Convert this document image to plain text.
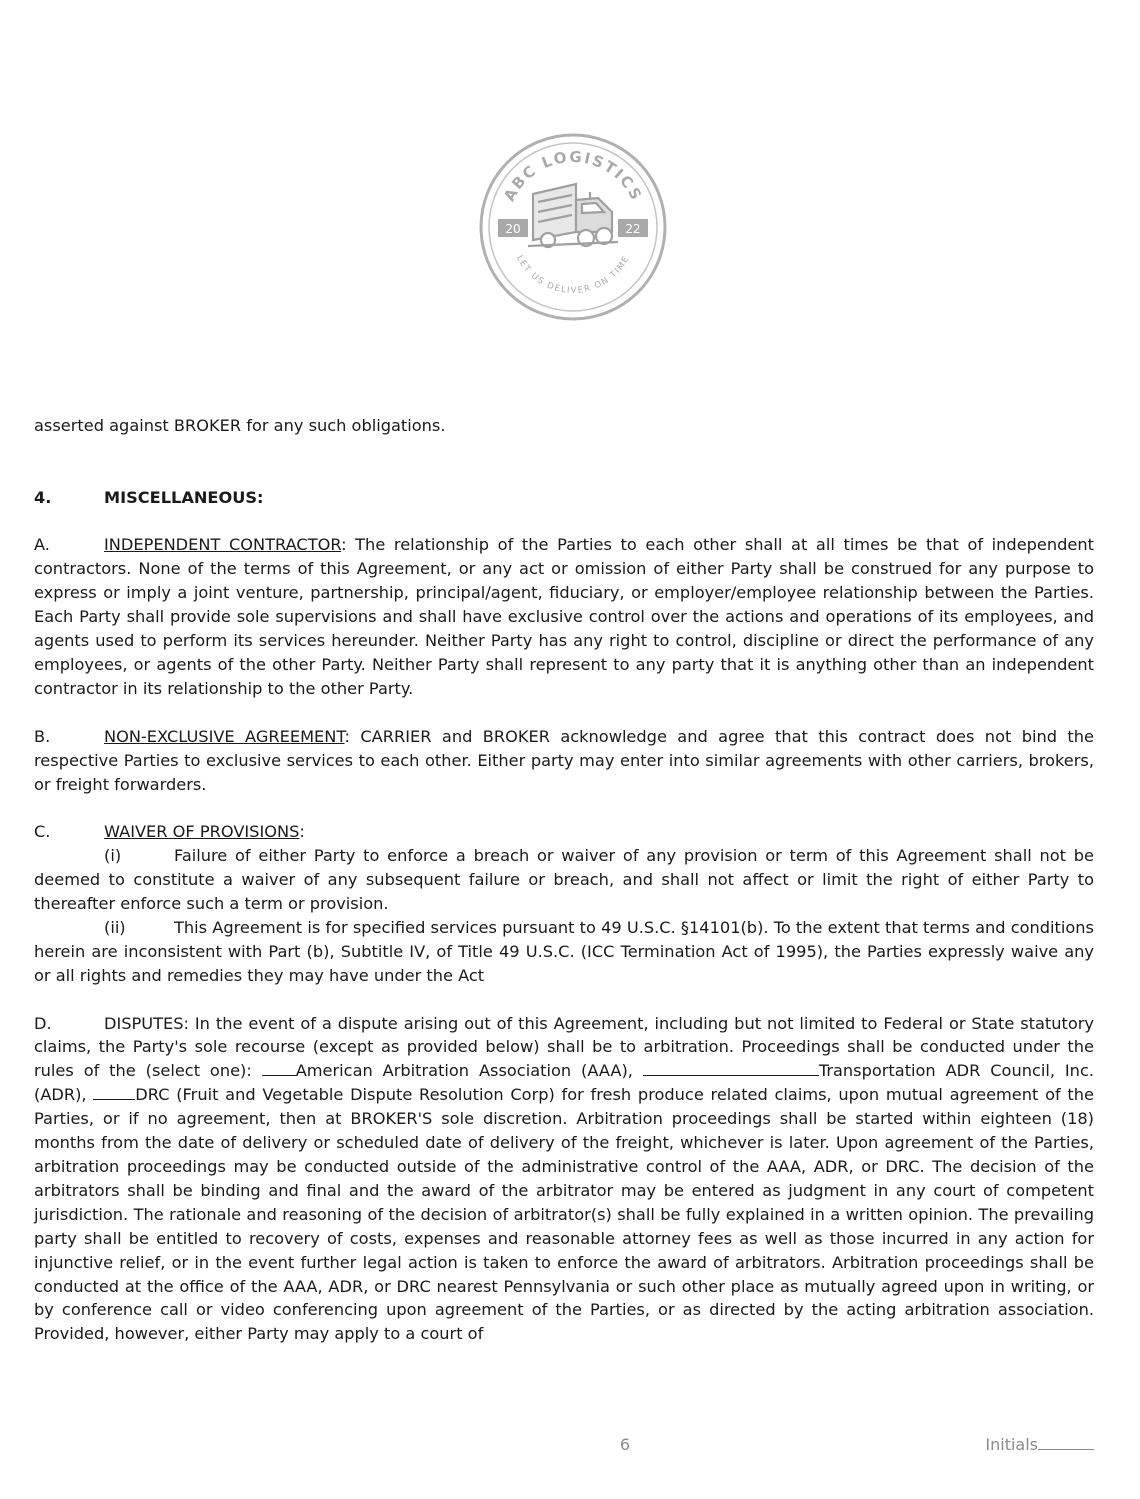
ABC LOGISTICS
LET US DELIVER ON TIME
20	22

asserted against BROKER for any such obligations.

4.	MISCELLANEOUS:

A.	INDEPENDENT CONTRACTOR: The relationship of the Parties to each other shall at all times be that of independent contractors. None of the terms of this Agreement, or any act or omission of either Party shall be construed for any purpose to express or imply a joint venture, partnership, principal/agent, fiduciary, or employer/employee relationship between the Parties. Each Party shall provide sole supervisions and shall have exclusive control over the actions and operations of its employees, and agents used to perform its services hereunder. Neither Party has any right to control, discipline or direct the performance of any employees, or agents of the other Party. Neither Party shall represent to any party that it is anything other than an independent contractor in its relationship to the other Party.

B.	NON-EXCLUSIVE AGREEMENT: CARRIER and BROKER acknowledge and agree that this contract does not bind the respective Parties to exclusive services to each other. Either party may enter into similar agreements with other carriers, brokers, or freight forwarders.

C.	WAIVER OF PROVISIONS:

(i)	Failure of either Party to enforce a breach or waiver of any provision or term of this Agreement shall not be deemed to constitute a waiver of any subsequent failure or breach, and shall not affect or limit the right of either Party to thereafter enforce such a term or provision.

(ii)	This Agreement is for specified services pursuant to 49 U.S.C. §14101(b). To the extent that terms and conditions herein are inconsistent with Part (b), Subtitle IV, of Title 49 U.S.C. (ICC Termination Act of 1995), the Parties expressly waive any or all rights and remedies they may have under the Act

D.	DISPUTES: In the event of a dispute arising out of this Agreement, including but not limited to Federal or State statutory claims, the Party's sole recourse (except as provided below) shall be to arbitration. Proceedings shall be conducted under the rules of the (select one): American Arbitration Association (AAA),	Transportation ADR Council, Inc. (ADR),	DRC (Fruit and Vegetable Dispute Resolution Corp) for fresh produce related claims, upon mutual agreement of the Parties, or if no agreement, then at BROKER'S sole discretion. Arbitration proceedings shall be started within eighteen (18) months from the date of delivery or scheduled date of delivery of the freight, whichever is later. Upon agreement of the Parties, arbitration proceedings may be conducted outside of the administrative control of the AAA, ADR, or DRC. The decision of the arbitrators shall be binding and final and the award of the arbitrator may be entered as judgment in any court of competent jurisdiction. The rationale and reasoning of the decision of arbitrator(s) shall be fully explained in a written opinion. The prevailing party shall be entitled to recovery of costs, expenses and reasonable attorney fees as well as those incurred in any action for injunctive relief, or in the event further legal action is taken to enforce the award of arbitrators. Arbitration proceedings shall be conducted at the office of the AAA, ADR, or DRC nearest Pennsylvania or such other place as mutually agreed upon in writing, or by conference call or video conferencing upon agreement of the Parties, or as directed by the acting arbitration association. Provided, however, either Party may apply to a court of

6	Initials
